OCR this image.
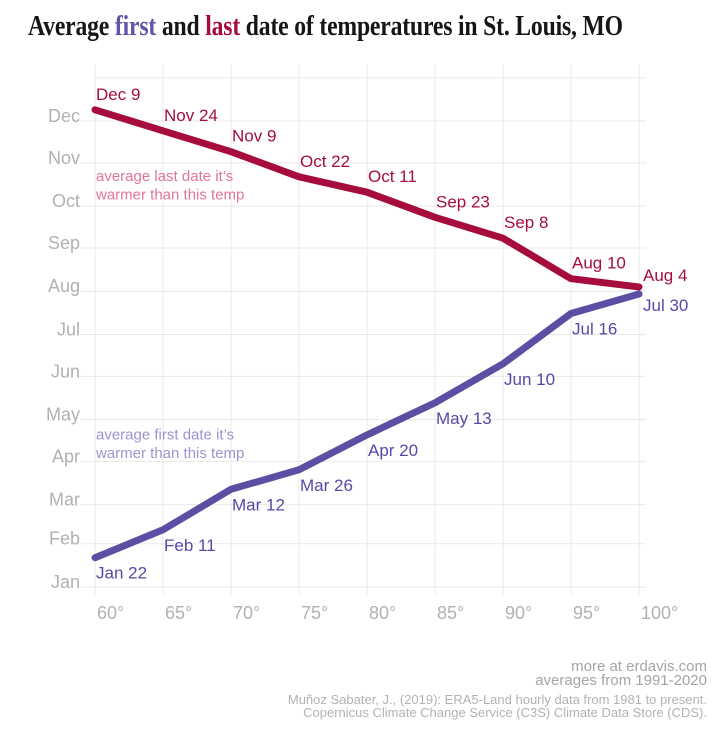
Average first and last date of temperatures in St. Louis, MO
Jan
Feb
Mar
Apr
May
Jun
Jul
Aug
Sep
Oct
Nov
Dec
60° 65° 70° 75° 80° 85° 90° 95° 100°
Dec 9
Nov 24
Nov 9
Oct 22
Oct 11
Sep 23
Sep 8
Aug 10
Aug 4
average last date it’s
warmer than this temp
Jan 22
Feb 11
Mar 12
Mar 26
Apr 20
May 13
Jun 10
Jul 16
Jul 30
average first date it’s
warmer than this temp
more at erdavis.com
averages from 1991-2020
Muñoz Sabater, J., (2019): ERA5-Land hourly data from 1981 to present.
Copernicus Climate Change Service (C3S) Climate Data Store (CDS).
